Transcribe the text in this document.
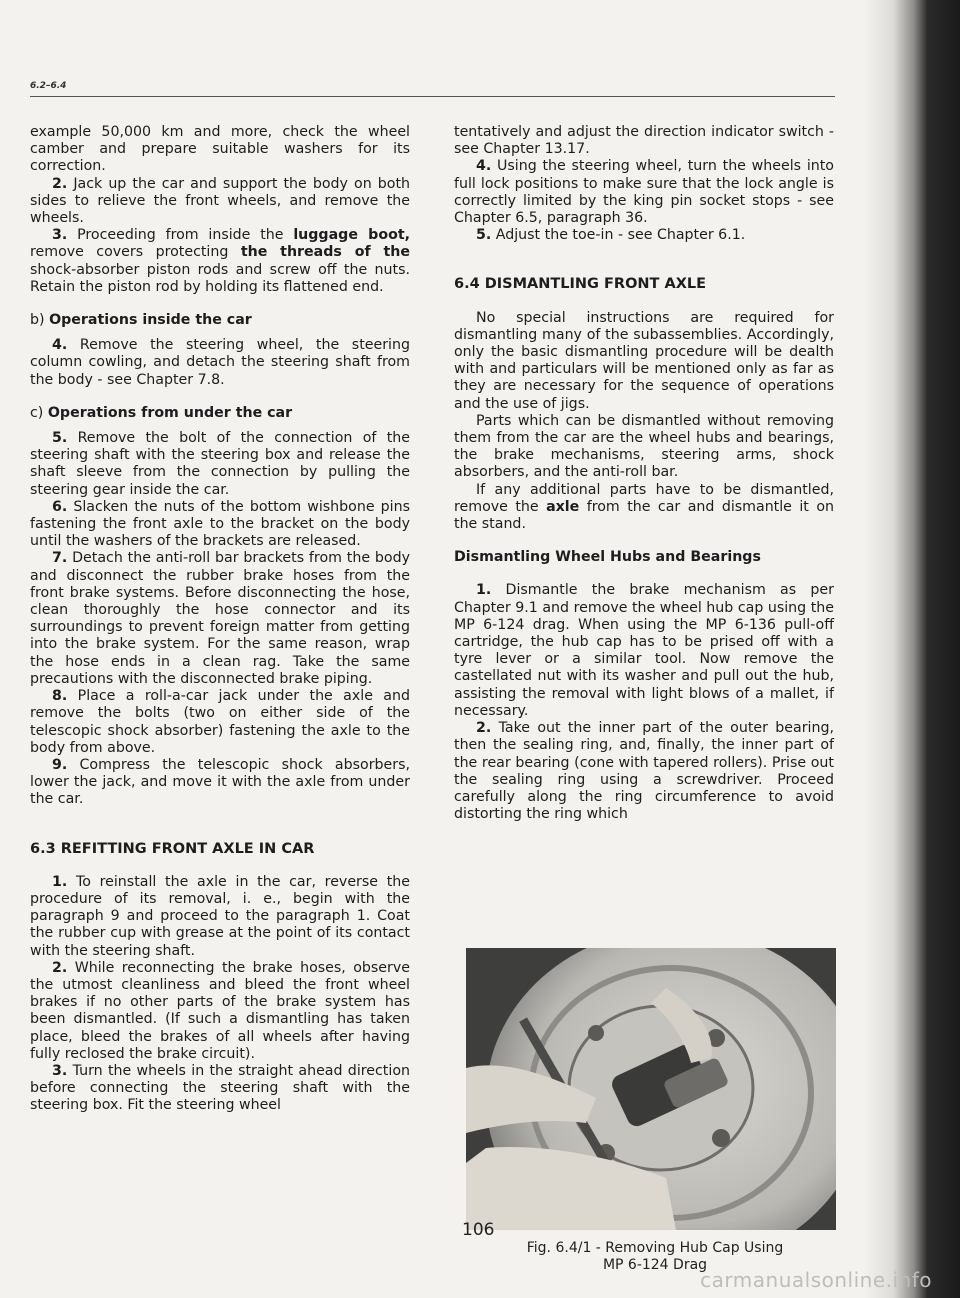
6.2–6.4

example 50,000 km and more, check the wheel camber and prepare suitable washers for its correction.

2. Jack up the car and support the body on both sides to relieve the front wheels, and remove the wheels.

3. Proceeding from inside the luggage boot, remove covers protecting the threads of the shock-absorber piston rods and screw off the nuts. Retain the piston rod by holding its flattened end.

b) Operations inside the car

4. Remove the steering wheel, the steering column cowling, and detach the steering shaft from the body - see Chapter 7.8.

c) Operations from under the car

5. Remove the bolt of the connection of the steering shaft with the steering box and release the shaft sleeve from the connection by pulling the steering gear inside the car.

6. Slacken the nuts of the bottom wishbone pins fastening the front axle to the bracket on the body until the washers of the brackets are released.

7. Detach the anti-roll bar brackets from the body and disconnect the rubber brake hoses from the front brake systems. Before disconnecting the hose, clean thoroughly the hose connector and its surroundings to prevent foreign matter from getting into the brake system. For the same reason, wrap the hose ends in a clean rag. Take the same precautions with the disconnected brake piping.

8. Place a roll-a-car jack under the axle and remove the bolts (two on either side of the telescopic shock absorber) fastening the axle to the body from above.

9. Compress the telescopic shock absorbers, lower the jack, and move it with the axle from under the car.

6.3 REFITTING FRONT AXLE IN CAR

1. To reinstall the axle in the car, reverse the procedure of its removal, i. e., begin with the paragraph 9 and proceed to the paragraph 1. Coat the rubber cup with grease at the point of its contact with the steering shaft.

2. While reconnecting the brake hoses, observe the utmost cleanliness and bleed the front wheel brakes if no other parts of the brake system has been dismantled. (If such a dismantling has taken place, bleed the brakes of all wheels after having fully reclosed the brake circuit).

3. Turn the wheels in the straight ahead direction before connecting the steering shaft with the steering box. Fit the steering wheel

tentatively and adjust the direction indicator switch - see Chapter 13.17.

4. Using the steering wheel, turn the wheels into full lock positions to make sure that the lock angle is correctly limited by the king pin socket stops - see Chapter 6.5, paragraph 36.

5. Adjust the toe-in - see Chapter 6.1.

6.4 DISMANTLING FRONT AXLE

No special instructions are required for dismantling many of the subassemblies. Accordingly, only the basic dismantling procedure will be dealth with and particulars will be mentioned only as far as they are necessary for the sequence of operations and the use of jigs.

Parts which can be dismantled without removing them from the car are the wheel hubs and bearings, the brake mechanisms, steering arms, shock absorbers, and the anti-roll bar.

If any additional parts have to be dismantled, remove the axle from the car and dismantle it on the stand.

Dismantling Wheel Hubs and Bearings

1. Dismantle the brake mechanism as per Chapter 9.1 and remove the wheel hub cap using the MP 6-124 drag. When using the MP 6-136 pull-off cartridge, the hub cap has to be prised off with a tyre lever or a similar tool. Now remove the castellated nut with its washer and pull out the hub, assisting the removal with light blows of a mallet, if necessary.

2. Take out the inner part of the outer bearing, then the sealing ring, and, finally, the inner part of the rear bearing (cone with tapered rollers). Prise out the sealing ring using a screwdriver. Proceed carefully along the ring circumference to avoid distorting the ring which

Fig. 6.4/1 - Removing Hub Cap Using
MP 6-124 Drag
106
carmanualsonline.info
